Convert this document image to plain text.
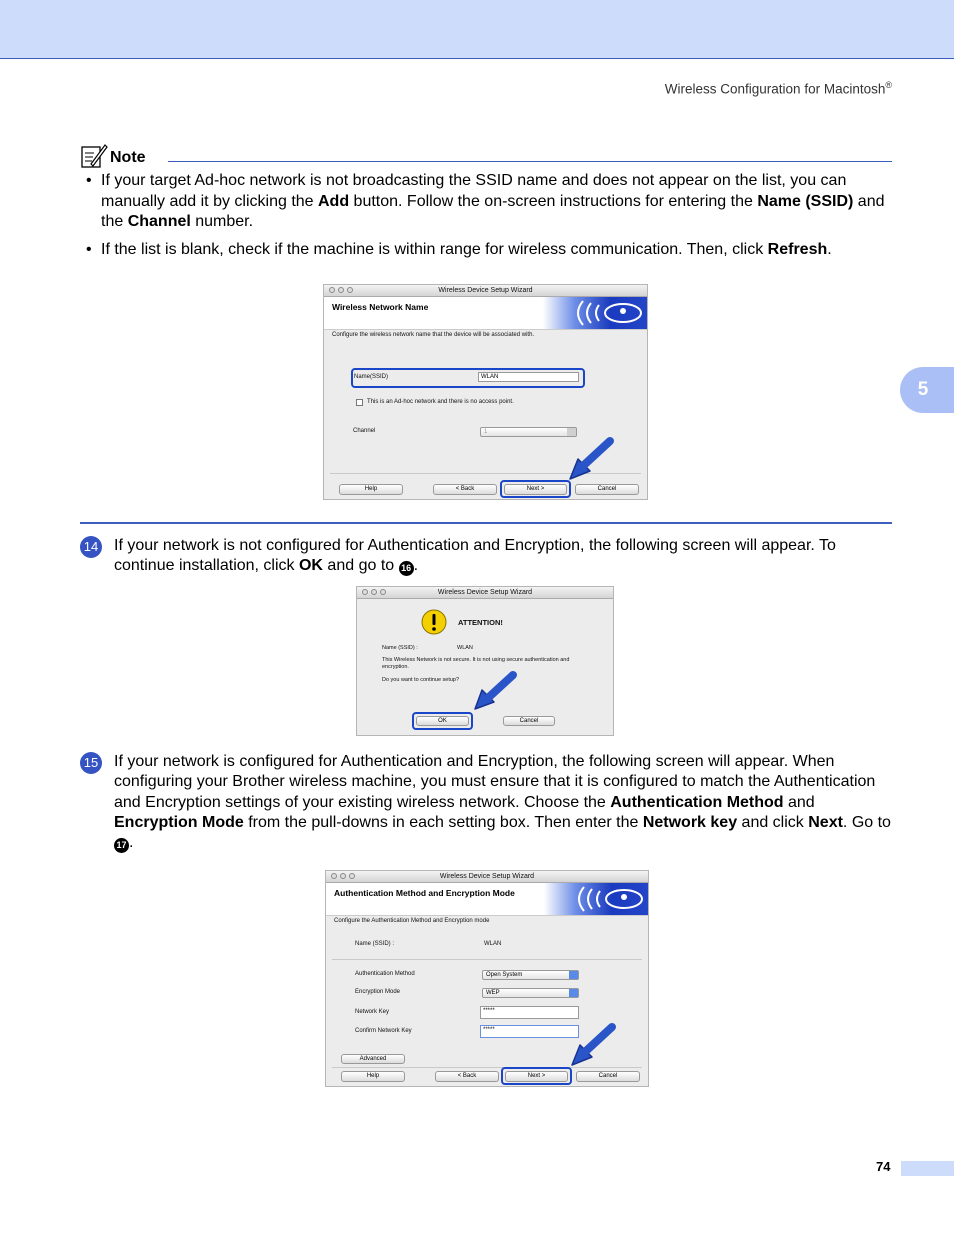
Wireless Configuration for Macintosh®
5
Note
• If your target Ad-hoc network is not broadcasting the SSID name and does not appear on the list, you can manually add it by clicking the Add button. Follow the on-screen instructions for entering the Name (SSID) and the Channel number.
• If the list is blank, check if the machine is within range for wireless communication. Then, click Refresh.
Wireless Device Setup Wizard
Wireless Network Name
Configure the wireless network name that the device will be associated with.
Name(SSID)	WLAN
This is an Ad-hoc network and there is no access point.
Channel	1
Help	< Back	Next >	Cancel
14 If your network is not configured for Authentication and Encryption, the following screen will appear. To continue installation, click OK and go to 16 .
Wireless Device Setup Wizard
ATTENTION!
Name (SSID) :	WLAN
This Wireless Network is not secure. It is not using secure authentication and encryption.
Do you want to continue setup?
OK	Cancel
15 If your network is configured for Authentication and Encryption, the following screen will appear. When configuring your Brother wireless machine, you must ensure that it is configured to match the Authentication and Encryption settings of your existing wireless network. Choose the Authentication Method and Encryption Mode from the pull-downs in each setting box. Then enter the Network key and click Next. Go to 17 .
Wireless Device Setup Wizard
Authentication Method and Encryption Mode
Configure the Authentication Method and Encryption mode
Name (SSID) :	WLAN
Authentication Method	Open System
Encryption Mode	WEP
Network Key	*****
Confirm Network Key	*****
Advanced
Help	< Back	Next >	Cancel
74
